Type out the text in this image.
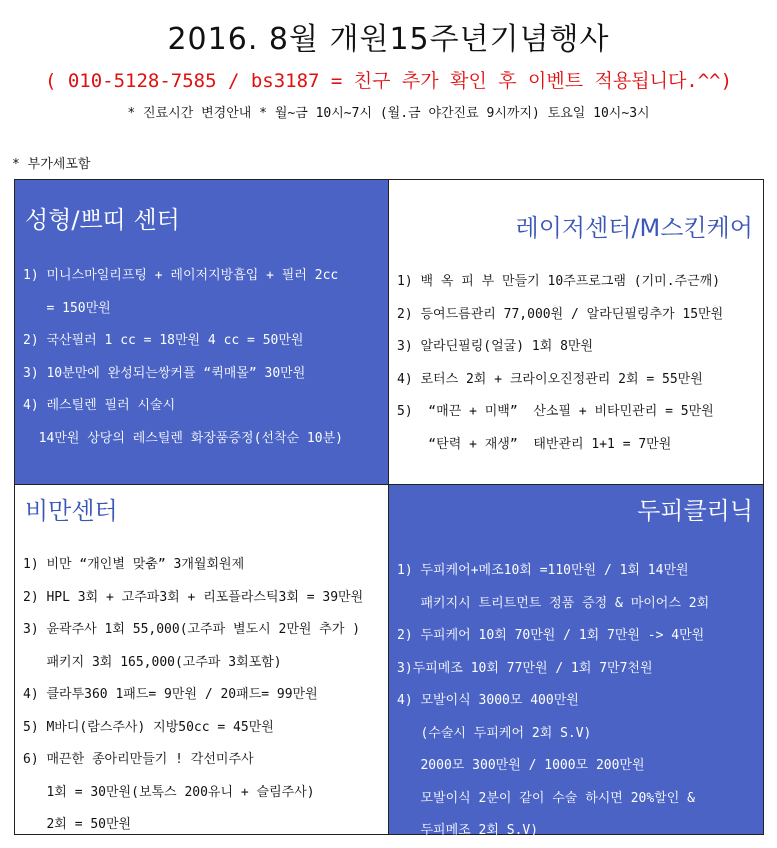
2016. 8월 개원15주년기념행사
( 010-5128-7585 / bs3187 = 친구 추가 확인 후 이벤트 적용됩니다.^^)
* 진료시간 변경안내 * 월~금 10시~7시 (월.금 야간진료 9시까지) 토요일 10시~3시
* 부가세포함
성형/쁘띠 센터
1) 미니스마일리프팅 + 레이저지방흡입 + 필러 2cc
= 150만원
2) 국산필러 1 cc = 18만원 4 cc = 50만원
3) 10분만에 완성되는쌍커플 “퀵매몰” 30만원
4) 레스틸렌 필러 시술시
14만원 상당의 레스틸렌 화장품증정(선착순 10분)
레이저센터/M스킨케어
1) 백 옥 피 부 만들기 10주프로그램 (기미.주근깨)
2) 등여드름관리 77,000원 / 알라딘필링추가 15만원
3) 알라딘필링(얼굴) 1회 8만원
4) 로터스 2회 + 크라이오진정관리 2회 = 55만원
5)  “매끈 + 미백”  산소필 + 비타민관리 = 5만원
“탄력 + 재생”  태반관리 1+1 = 7만원
비만센터
1) 비만 “개인별 맞춤” 3개월회원제
2) HPL 3회 + 고주파3회 + 리포플라스틱3회 = 39만원
3) 윤곽주사 1회 55,000(고주파 별도시 2만원 추가 )
패키지 3회 165,000(고주파 3회포함)
4) 클라투360 1패드= 9만원 / 20패드= 99만원
5) M바디(람스주사) 지방50cc = 45만원
6) 매끈한 종아리만들기 ! 각선미주사
1회 = 30만원(보톡스 200유니 + 슬림주사)
2회 = 50만원
두피클리닉
1) 두피케어+메조10회 =110만원 / 1회 14만원
패키지시 트리트먼트 정품 증정 & 마이어스 2회
2) 두피케어 10회 70만원 / 1회 7만원 -> 4만원
3)두피메조 10회 77만원 / 1회 7만7천원
4) 모발이식 3000모 400만원
(수술시 두피케어 2회 S.V)
2000모 300만원 / 1000모 200만원
모발이식 2분이 같이 수술 하시면 20%할인 &
두피메조 2회 S.V)
